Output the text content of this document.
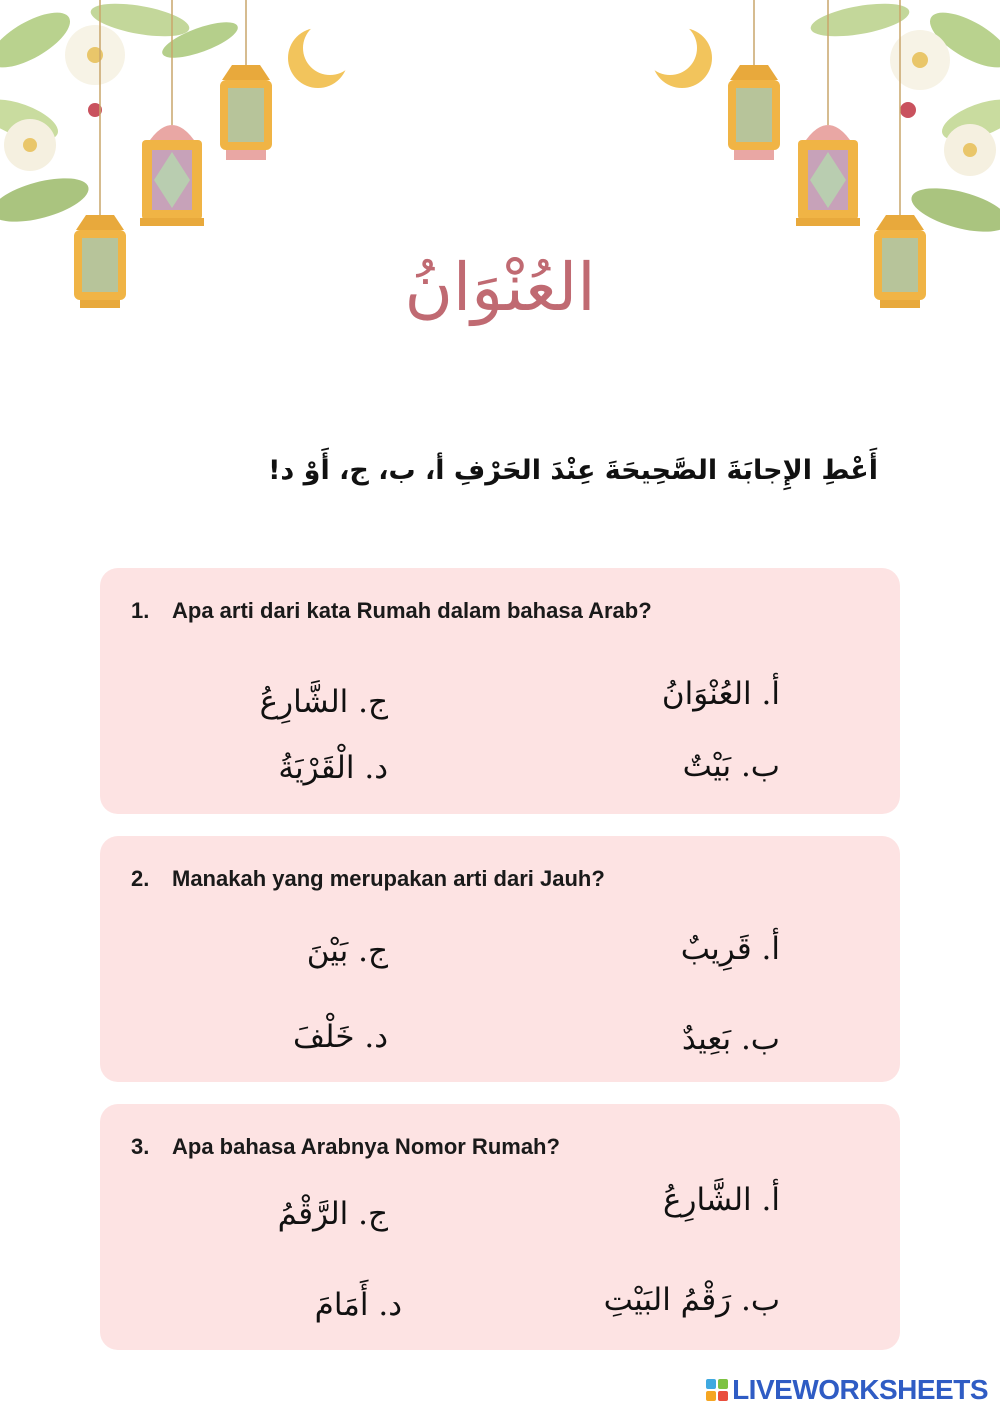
العُنْوَانُ
أَعْطِ الإِجابَةَ الصَّحِيحَةَ عِنْدَ الحَرْفِ أ، ب، ج، أَوْ د!
1. Apa arti dari kata Rumah dalam bahasa Arab?
أ. العُنْوَانُ
ج. الشَّارِعُ
ب. بَيْتٌ
د. الْقَرْيَةُ
2. Manakah yang merupakan arti dari Jauh?
أ. قَرِيبٌ
ج. بَيْنَ
ب. بَعِيدٌ
د. خَلْفَ
3. Apa bahasa Arabnya Nomor Rumah?
أ. الشَّارِعُ
ج. الرَّقْمُ
ب. رَقْمُ البَيْتِ
د. أَمَامَ
LIVEWORKSHEETS
